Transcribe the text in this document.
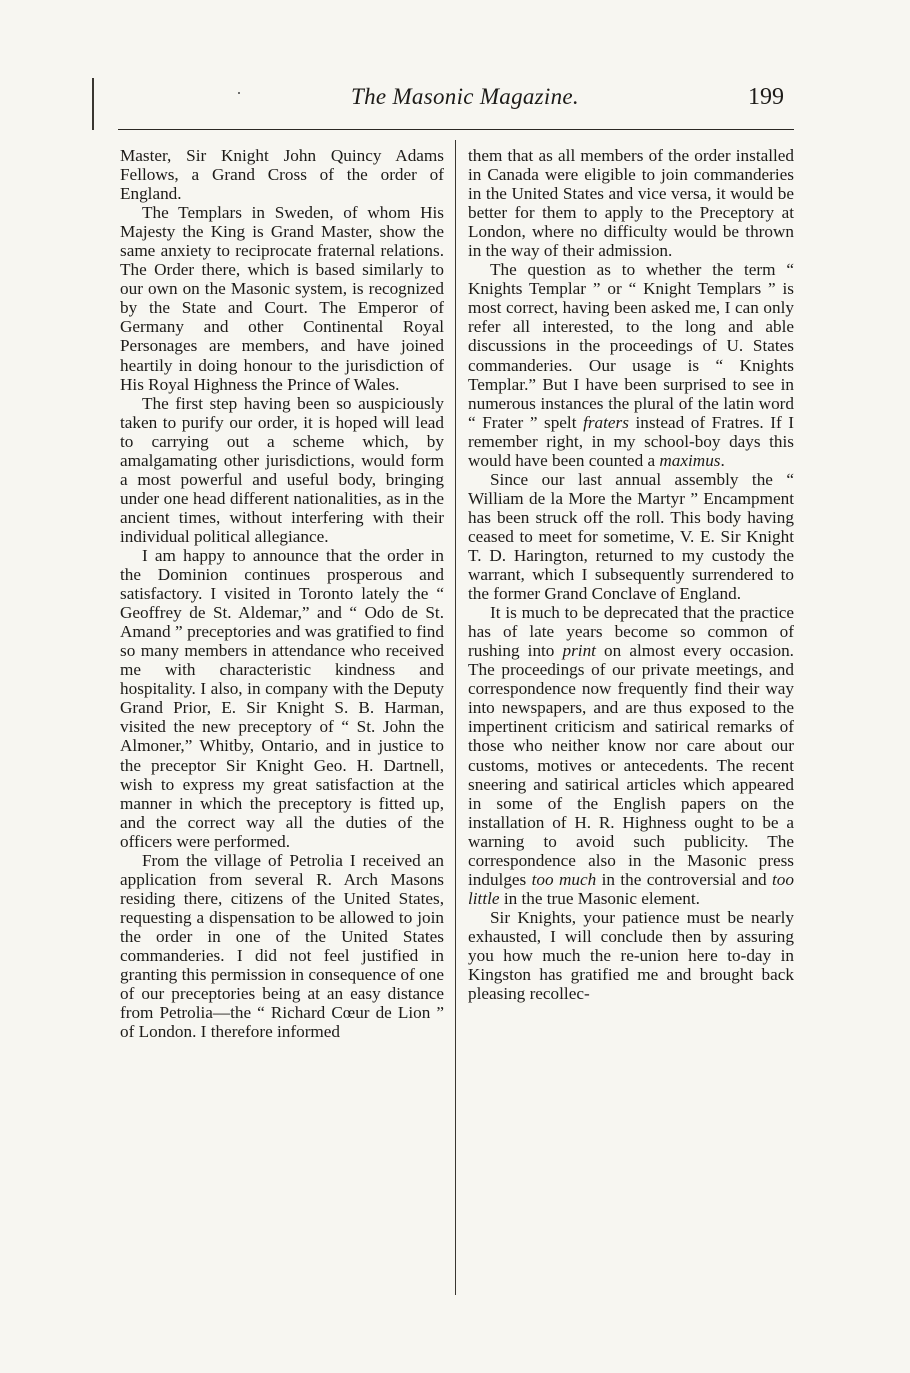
The Masonic Magazine.	199

Master, Sir Knight John Quincy Adams Fellows, a Grand Cross of the order of England.

The Templars in Sweden, of whom His Majesty the King is Grand Master, show the same anxiety to reciprocate fraternal relations. The Order there, which is based similarly to our own on the Masonic system, is recognized by the State and Court. The Emperor of Germany and other Continental Royal Personages are members, and have joined heartily in doing honour to the jurisdiction of His Royal Highness the Prince of Wales.

The first step having been so auspiciously taken to purify our order, it is hoped will lead to carrying out a scheme which, by amalgamating other jurisdictions, would form a most powerful and useful body, bringing under one head different nationalities, as in the ancient times, without interfering with their individual political allegiance.

I am happy to announce that the order in the Dominion continues prosperous and satisfactory. I visited in Toronto lately the “ Geoffrey de St. Aldemar,” and “ Odo de St. Amand ” preceptories and was gratified to find so many members in attendance who received me with characteristic kindness and hospitality. I also, in company with the Deputy Grand Prior, E. Sir Knight S. B. Harman, visited the new preceptory of “ St. John the Almoner,” Whitby, Ontario, and in justice to the preceptor Sir Knight Geo. H. Dartnell, wish to express my great satisfaction at the manner in which the preceptory is fitted up, and the correct way all the duties of the officers were performed.

From the village of Petrolia I received an application from several R. Arch Masons residing there, citizens of the United States, requesting a dispensation to be allowed to join the order in one of the United States commanderies. I did not feel justified in granting this permission in consequence of one of our preceptories being at an easy distance from Petrolia—the “ Richard Cœur de Lion ” of London. I therefore informed

them that as all members of the order installed in Canada were eligible to join commanderies in the United States and vice versa, it would be better for them to apply to the Preceptory at London, where no difficulty would be thrown in the way of their admission.

The question as to whether the term “ Knights Templar ” or “ Knight Templars ” is most correct, having been asked me, I can only refer all interested, to the long and able discussions in the proceedings of U. States commanderies. Our usage is “ Knights Templar.” But I have been surprised to see in numerous instances the plural of the latin word “ Frater ” spelt fraters instead of Fratres. If I remember right, in my school-boy days this would have been counted a maximus.

Since our last annual assembly the “ William de la More the Martyr ” Encampment has been struck off the roll. This body having ceased to meet for sometime, V. E. Sir Knight T. D. Harington, returned to my custody the warrant, which I subsequently surrendered to the former Grand Conclave of England.

It is much to be deprecated that the practice has of late years become so common of rushing into print on almost every occasion. The proceedings of our private meetings, and correspondence now frequently find their way into newspapers, and are thus exposed to the impertinent criticism and satirical remarks of those who neither know nor care about our customs, motives or antecedents. The recent sneering and satirical articles which appeared in some of the English papers on the installation of H. R. Highness ought to be a warning to avoid such publicity. The correspondence also in the Masonic press indulges too much in the controversial and too little in the true Masonic element.

Sir Knights, your patience must be nearly exhausted, I will conclude then by assuring you how much the re-union here to-day in Kingston has gratified me and brought back pleasing recollec-
